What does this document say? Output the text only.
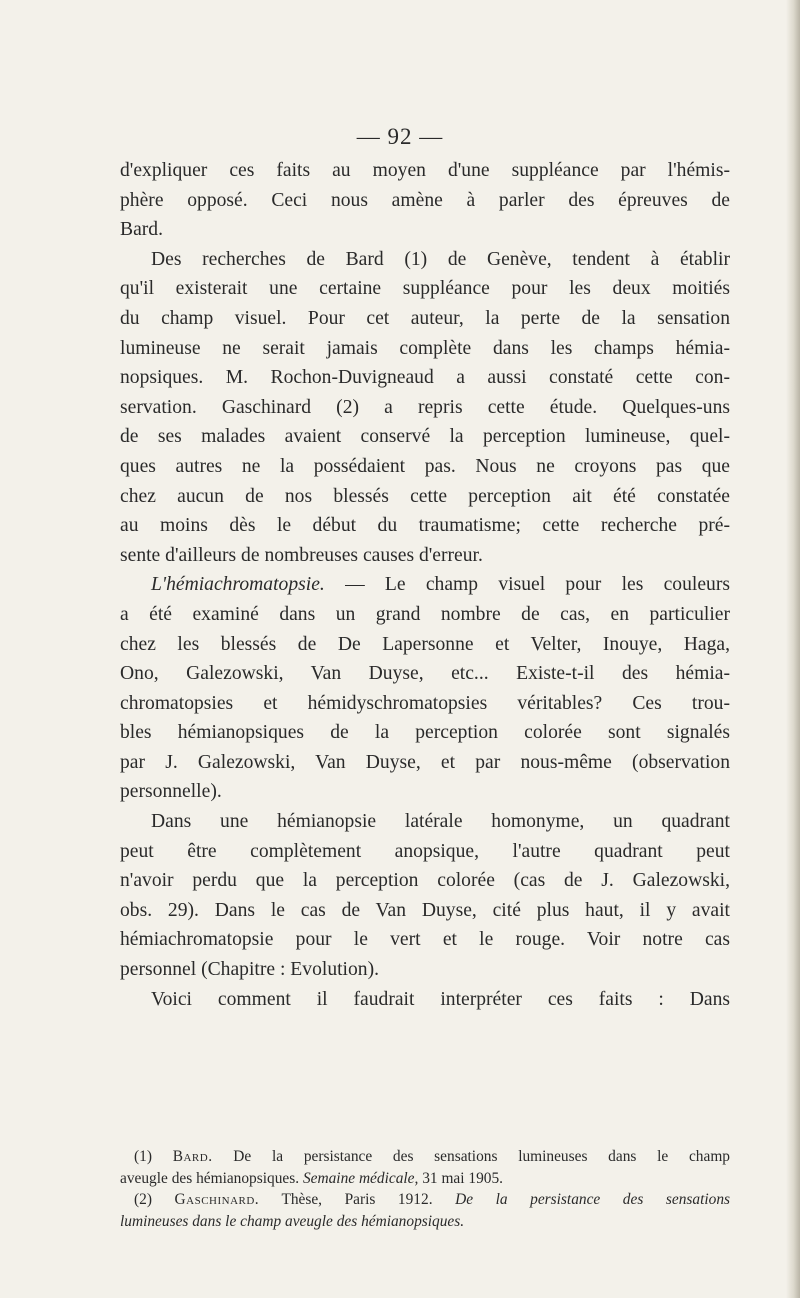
— 92 —
d'expliquer ces faits au moyen d'une suppléance par l'hémis-
phère opposé. Ceci nous amène à parler des épreuves de
Bard.
Des recherches de Bard (1) de Genève, tendent à établir
qu'il existerait une certaine suppléance pour les deux moitiés
du champ visuel. Pour cet auteur, la perte de la sensation
lumineuse ne serait jamais complète dans les champs hémia-
nopsiques. M. Rochon-Duvigneaud a aussi constaté cette con-
servation. Gaschinard (2) a repris cette étude. Quelques-uns
de ses malades avaient conservé la perception lumineuse, quel-
ques autres ne la possédaient pas. Nous ne croyons pas que
chez aucun de nos blessés cette perception ait été constatée
au moins dès le début du traumatisme; cette recherche pré-
sente d'ailleurs de nombreuses causes d'erreur.
L'hémiachromatopsie. — Le champ visuel pour les couleurs
a été examiné dans un grand nombre de cas, en particulier
chez les blessés de De Lapersonne et Velter, Inouye, Haga,
Ono, Galezowski, Van Duyse, etc... Existe-t-il des hémia-
chromatopsies et hémidyschromatopsies véritables? Ces trou-
bles hémianopsiques de la perception colorée sont signalés
par J. Galezowski, Van Duyse, et par nous-même (observation
personnelle).
Dans une hémianopsie latérale homonyme, un quadrant
peut être complètement anopsique, l'autre quadrant peut
n'avoir perdu que la perception colorée (cas de J. Galezowski,
obs. 29). Dans le cas de Van Duyse, cité plus haut, il y avait
hémiachromatopsie pour le vert et le rouge. Voir notre cas
personnel (Chapitre : Evolution).
Voici comment il faudrait interpréter ces faits : Dans
(1) Bard. De la persistance des sensations lumineuses dans le champ
aveugle des hémianopsiques. Semaine médicale, 31 mai 1905.
(2) Gaschinard. Thèse, Paris 1912. De la persistance des sensations
lumineuses dans le champ aveugle des hémianopsiques.
